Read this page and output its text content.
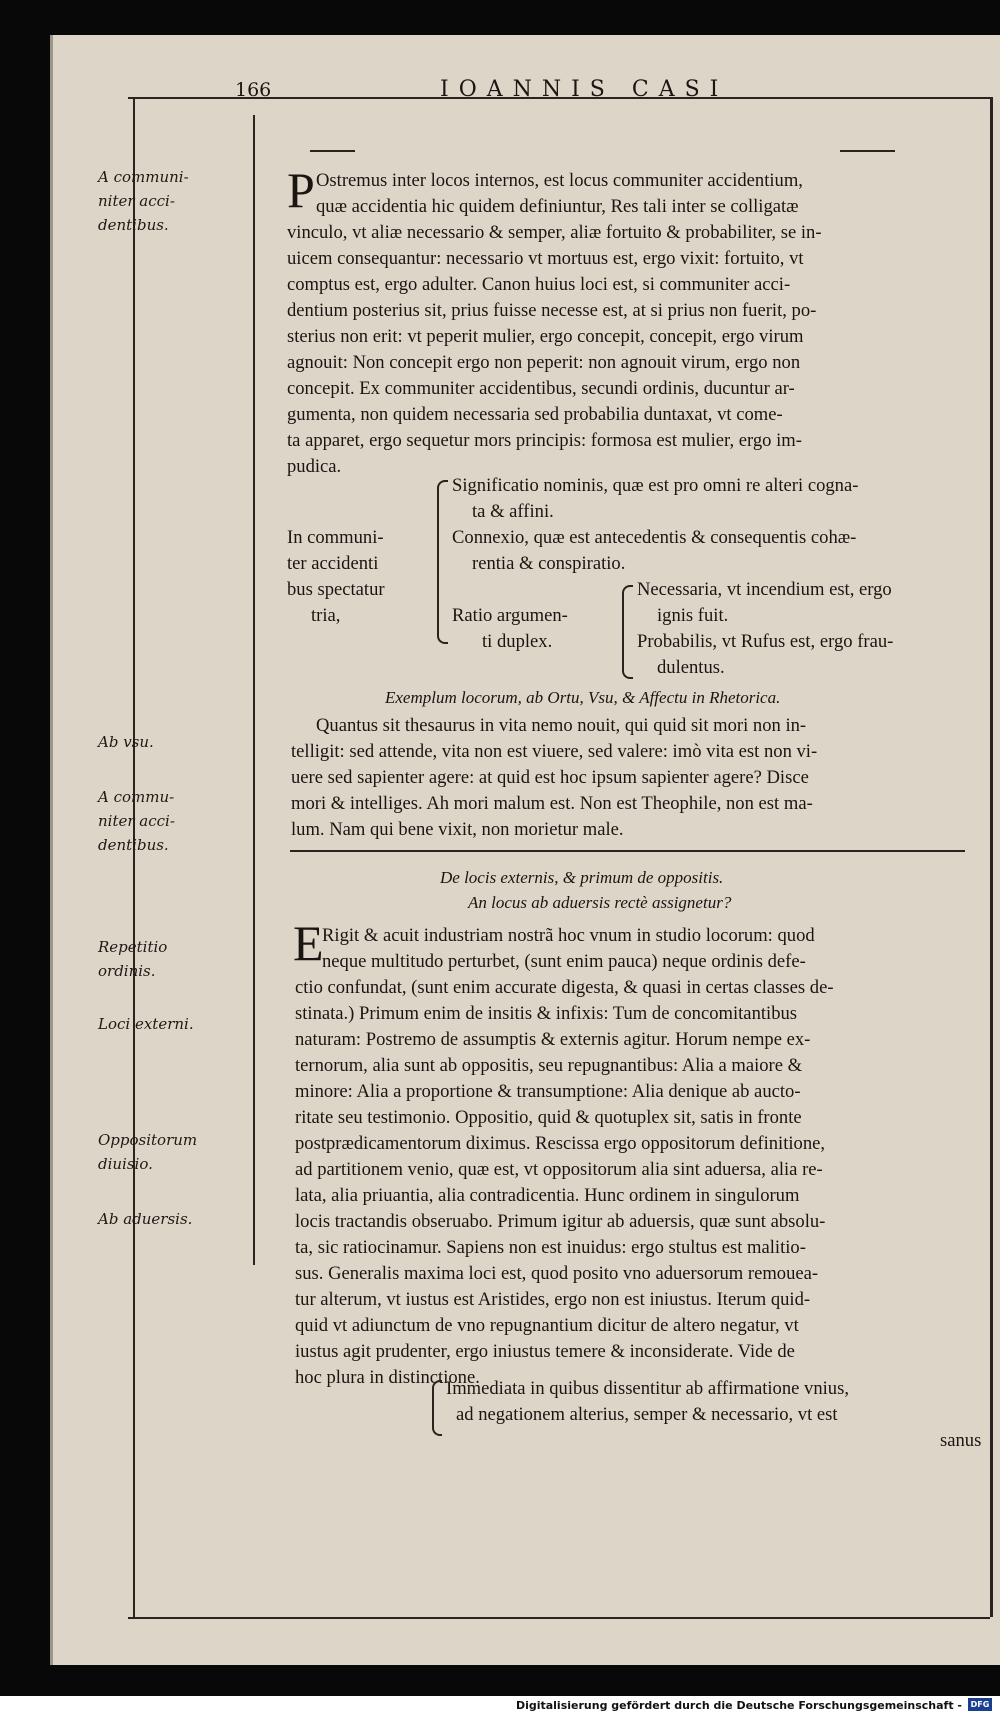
166	IOANNIS CASI
A communi-
niter acci-
dentibus.
Ab vsu.
A commu-
niter acci-
dentibus.
Repetitio
ordinis.
Loci externi.
Oppositorum
diuisio.
Ab aduersis.
P Ostremus inter locos internos, est locus communiter accidentium,
quæ accidentia hic quidem definiuntur, Res tali inter se colligatæ
vinculo, vt aliæ necessario & semper, aliæ fortuito & probabiliter, se in-
uicem consequantur: necessario vt mortuus est, ergo vixit: fortuito, vt
comptus est, ergo adulter. Canon huius loci est, si communiter acci-
dentium posterius sit, prius fuisse necesse est, at si prius non fuerit, po-
sterius non erit: vt peperit mulier, ergo concepit, concepit, ergo virum
agnouit: Non concepit ergo non peperit: non agnouit virum, ergo non
concepit. Ex communiter accidentibus, secundi ordinis, ducuntur ar-
gumenta, non quidem necessaria sed probabilia duntaxat, vt come-
ta apparet, ergo sequetur mors principis: formosa est mulier, ergo im-
pudica.
In communi-
ter accidenti
bus spectatur
tria,
Significatio nominis, quæ est pro omni re alteri cogna-
ta & affini.
Connexio, quæ est antecedentis & consequentis cohæ-
rentia & conspiratio.
Ratio argumen-
ti duplex.
Necessaria, vt incendium est, ergo
ignis fuit.
Probabilis, vt Rufus est, ergo frau-
dulentus.
Exemplum locorum, ab Ortu, Vsu, & Affectu in Rhetorica.
Quantus sit thesaurus in vita nemo nouit, qui quid sit mori non in-
telligit: sed attende, vita non est viuere, sed valere: imò vita est non vi-
uere sed sapienter agere: at quid est hoc ipsum sapienter agere? Disce
mori & intelliges. Ah mori malum est. Non est Theophile, non est ma-
lum. Nam qui bene vixit, non morietur male.
De locis externis, & primum de oppositis.
An locus ab aduersis rectè assignetur?
E
Rigit & acuit industriam nostrã hoc vnum in studio locorum: quod
neque multitudo perturbet, (sunt enim pauca) neque ordinis defe-
ctio confundat, (sunt enim accurate digesta, & quasi in certas classes de-
stinata.) Primum enim de insitis & infixis: Tum de concomitantibus
naturam: Postremo de assumptis & externis agitur. Horum nempe ex-
ternorum, alia sunt ab oppositis, seu repugnantibus: Alia a maiore &
minore: Alia a proportione & transumptione: Alia denique ab aucto-
ritate seu testimonio. Oppositio, quid & quotuplex sit, satis in fronte
postprædicamentorum diximus. Rescissa ergo oppositorum definitione,
ad partitionem venio, quæ est, vt oppositorum alia sint aduersa, alia re-
lata, alia priuantia, alia contradicentia. Hunc ordinem in singulorum
locis tractandis obseruabo. Primum igitur ab aduersis, quæ sunt absolu-
ta, sic ratiocinamur. Sapiens non est inuidus: ergo stultus est malitio-
sus. Generalis maxima loci est, quod posito vno aduersorum remouea-
tur alterum, vt iustus est Aristides, ergo non est iniustus. Iterum quid-
quid vt adiunctum de vno repugnantium dicitur de altero negatur, vt
iustus agit prudenter, ergo iniustus temere & inconsiderate. Vide de
hoc plura in distinctione.
Immediata in quibus dissentitur ab affirmatione vnius,
ad negationem alterius, semper & necessario, vt est
sanus
Digitalisierung gefördert durch die Deutsche Forschungsgemeinschaft -	DFG
